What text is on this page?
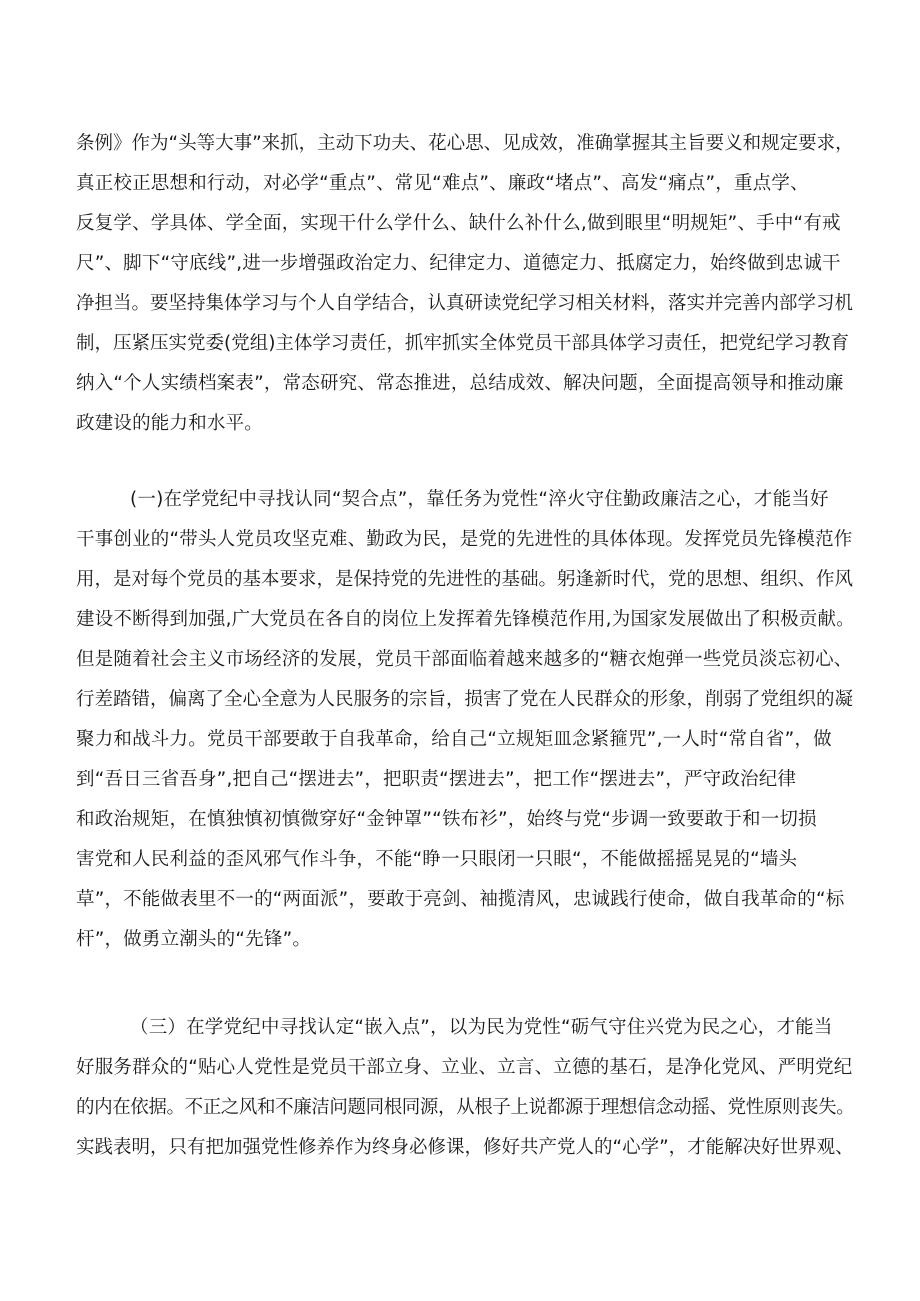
条例》作为“头等大事”来抓，主动下功夫、花心思、见成效，准确掌握其主旨要义和规定要求，
真正校正思想和行动，对必学“重点”、常见“难点”、廉政“堵点”、高发“痛点”，重点学、
反复学、学具体、学全面，实现干什么学什么、缺什么补什么,做到眼里“明规矩”、手中“有戒
尺”、脚下“守底线”,进一步增强政治定力、纪律定力、道德定力、抵腐定力，始终做到忠诚干
净担当。要坚持集体学习与个人自学结合，认真研读党纪学习相关材料，落实并完善内部学习机
制，压紧压实党委(党组)主体学习责任，抓牢抓实全体党员干部具体学习责任，把党纪学习教育
纳入“个人实绩档案表”，常态研究、常态推进，总结成效、解决问题，全面提高领导和推动廉
政建设的能力和水平。
(一)在学党纪中寻找认同“契合点”，靠任务为党性“淬火守住勤政廉洁之心，才能当好
干事创业的“带头人党员攻坚克难、勤政为民，是党的先进性的具体体现。发挥党员先锋模范作
用，是对每个党员的基本要求，是保持党的先进性的基础。躬逢新时代，党的思想、组织、作风
建设不断得到加强,广大党员在各自的岗位上发挥着先锋模范作用,为国家发展做出了积极贡献。
但是随着社会主义市场经济的发展，党员干部面临着越来越多的“糖衣炮弹一些党员淡忘初心、
行差踏错，偏离了全心全意为人民服务的宗旨，损害了党在人民群众的形象，削弱了党组织的凝
聚力和战斗力。党员干部要敢于自我革命，给自己“立规矩皿念紧箍咒”,一人时“常自省”，做
到“吾日三省吾身”,把自己“摆进去”，把职责“摆进去”，把工作“摆进去”，严守政治纪律
和政治规矩，在慎独慎初慎微穿好“金钟罩”“铁布衫”，始终与党“步调一致要敢于和一切损
害党和人民利益的歪风邪气作斗争，不能“睁一只眼闭一只眼“，不能做摇摇晃晃的“墙头
草”，不能做表里不一的“两面派”，要敢于亮剑、袖揽清风，忠诚践行使命，做自我革命的“标
杆”，做勇立潮头的“先锋”。
（三）在学党纪中寻找认定“嵌入点”，以为民为党性“砺气守住兴党为民之心，才能当
好服务群众的“贴心人党性是党员干部立身、立业、立言、立德的基石，是净化党风、严明党纪
的内在依据。不正之风和不廉洁问题同根同源，从根子上说都源于理想信念动摇、党性原则丧失。
实践表明，只有把加强党性修养作为终身必修课，修好共产党人的“心学”，才能解决好世界观、
